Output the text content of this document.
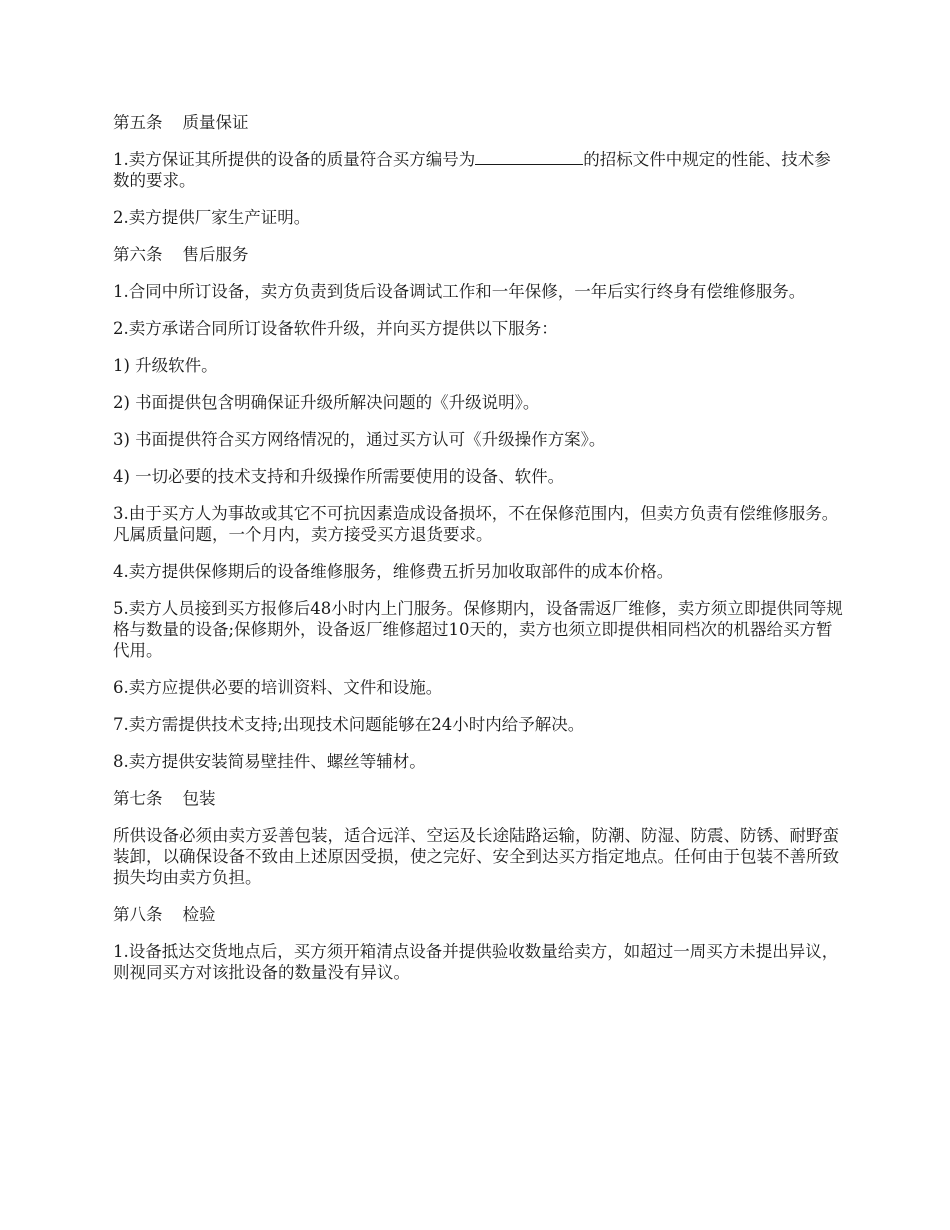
第五条 质量保证

1.卖方保证其所提供的设备的质量符合买方编号为	的招标文件中规定的性能、技术参数的要求。

2.卖方提供厂家生产证明。

第六条 售后服务

1.合同中所订设备，卖方负责到货后设备调试工作和一年保修，一年后实行终身有偿维修服务。

2.卖方承诺合同所订设备软件升级，并向买方提供以下服务：

1) 升级软件。

2) 书面提供包含明确保证升级所解决问题的《升级说明》。

3) 书面提供符合买方网络情况的，通过买方认可《升级操作方案》。

4) 一切必要的技术支持和升级操作所需要使用的设备、软件。

3.由于买方人为事故或其它不可抗因素造成设备损坏，不在保修范围内，但卖方负责有偿维修服务。凡属质量问题，一个月内，卖方接受买方退货要求。

4.卖方提供保修期后的设备维修服务，维修费五折另加收取部件的成本价格。

5.卖方人员接到买方报修后48小时内上门服务。保修期内，设备需返厂维修，卖方须立即提供同等规格与数量的设备;保修期外，设备返厂维修超过10天的，卖方也须立即提供相同档次的机器给买方暂代用。

6.卖方应提供必要的培训资料、文件和设施。

7.卖方需提供技术支持;出现技术问题能够在24小时内给予解决。

8.卖方提供安装简易壁挂件、螺丝等辅材。

第七条 包装

所供设备必须由卖方妥善包装，适合远洋、空运及长途陆路运输，防潮、防湿、防震、防锈、耐野蛮装卸，以确保设备不致由上述原因受损，使之完好、安全到达买方指定地点。任何由于包装不善所致损失均由卖方负担。

第八条 检验

1.设备抵达交货地点后，买方须开箱清点设备并提供验收数量给卖方，如超过一周买方未提出异议，则视同买方对该批设备的数量没有异议。
